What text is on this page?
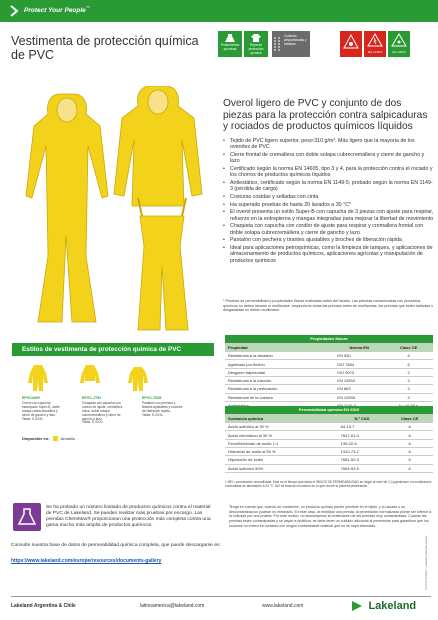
Protect Your People™
Vestimenta de protección química de PVC
Protecciones químicas
Ropa de protección química
Costuras pespunteadas y selladas
EN 1149-5	EN 13034
Overol ligero de PVC y conjunto de dos piezas para la protección contra salpicaduras y rociados de productos químicos líquidos
• Tejido de PVC ligero superior, peso:310 g/m². Más ligero que la mayoría de los overoles de PVC
• Cierre frontal de cremallera con doble solapa cubrecremallera y cierre de gancho y lazo
• Certificado según la norma EN 14605, tipo 3 y 4, para la protección contra el rociado y los chorros de productos químicos líquidos
• Antiestático, certificado según la norma EN 1149-5; probado según la norma EN 1149-3 (pérdida de carga)
• Costuras cosidas y selladas con cinta
• Ha superado pruebas de hasta 20 lavados a 30 °C*
• El overol presenta un estilo Super-B con capucha de 3 piezas con ajuste para respirar, refuerzo en la entrepierna y mangas integradas para mejorar la libertad de movimiento
• Chaqueta con capucha con cordón de ajuste para respirar y cremallera frontal con doble solapa cubrecremallera y cierre de gancho y lazo
• Pantalón con pechera y tirantes ajustables y broches de liberación rápida
• Ideal para aplicaciones petroquímicas, como la limpieza de tanques, y aplicaciones de almacenamiento de productos químicos, aplicaciones agrícolas y manipulación de productos químicos
* Pruebas de permeabilidad y propiedades físicas realizadas antes del lavado. Las prendas contaminadas con productos químicos no deben lavarse ni reutilizarse. Inspeccione todas las prendas antes de reutilizarlas; las prendas que estén dañadas o desgastadas no deben reutilizarse.
Estilos de vestimenta de protección química de PVC
EPVC428Y
Overol con capucha, estampado Super-B, doble solapa cubrecremallera y cierre de gancho y lazo.
Tallas: S-XXXL
EPVC-JT52
Chaqueta con capucha con cordón de ajuste, cremallera única, doble solapa cubrecremallera y cierre de gancho y lazo.
Tallas: S-XXXL
EPVC-TS52
Pantalón con pechera y tirantes ajustables y broches de liberación rápida.
Tallas: S-XXXL
Disponible en:	Amarillo
Propiedades físicas		
Propiedad	Norma EN	Clase CE
Resistencia a la abrasión	EN 530	6
Agrietado por flexión	ISO 7854	6
Desgarro trapezoidal	ISO 9073	2
Resistencia a la tracción	EN 13934	3
Resistencia a la perforación	EN 863	3
Resistencia de la costura	EN 13935	4

Permeabilidad química EN 6529		
Sustancia química	N.º CAS	Clase CE
Ácido sulfúrico al 30 %	64-19-7	6
Ácido clorhídrico al 30 %	7647-01-0	6
Fenol/hidróxido de sodio 1:1	139-02-6	6
Hidróxido de sodio al 50 %	1310-73-2	6
Hipoclorito de sodio	7681-52-9	6
Ácido sulfúrico 50%	7664-93-9	6
† MR = permeación normalizada. Este es el tiempo que tarda el ÍNDICE DE PERMEABILIDAD en llegar al nivel de 1,0 µg/min/cm² en condiciones controladas de laboratorio a 23 °C. NO se trata del momento en el que ocurre la primera penetración.
Se ha probado un número limitado de productos químicos contra el material de PVC de Lakeland. Se pueden realizar más pruebas por encargo. Las prendas ChemMax® proporcionan una protección más completa contra una gama mucho más amplia de productos químicos.
Consulte nuestra base de datos de permeabilidad química completa, que puede descargarse en:
https://www.lakeland.com/europe/resources/documents-gallery
Tenga en cuenta que, cuando se contamine, un producto químico puede penetrar en el tejido, y su lavado o su descontaminación podrían no eliminarlo. En este caso, al reutilizar una prenda, la penetración normalizada puede ser inferior a la indicada por una prueba. Por este motivo, no aconsejamos la reutilización de las prendas muy contaminadas. Cuando las prendas estén contaminadas y se vayan a reutilizar, se debe tener un cuidado adicional al ponérselas para garantizar que los usuarios no entren en contacto con ningún contaminante residual que no se haya eliminado.
ES-PVC-04-2021 – Lakeland Industries Europe
Lakeland Argentina & Chile	latinoamerica@lakeland.com	www.lakeland.com	Lakeland
